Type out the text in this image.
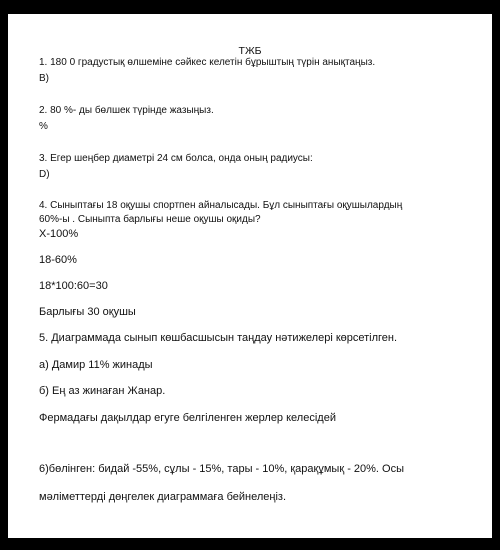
ТЖБ
1. 180 0 градустық өлшеміне сәйкес келетін бұрыштың түрін анықтаңыз.
B)
2. 80 %- ды бөлшек түрінде жазыңыз.
%
3. Егер шеңбер диаметрі 24 см болса, онда оның радиусы:
D)
4. Сыныптағы 18 оқушы спортпен айналысады. Бұл сыныптағы оқушылардың
60%-ы . Сыныпта барлығы неше оқушы оқиды?
X-100%
18-60%
18*100:60=30
Барлығы 30 оқушы
5. Диаграммада сынып көшбасшысын таңдау нәтижелері көрсетілген.
а) Дамир 11% жинады
б) Ең аз жинаған Жанар.
Фермадағы дақылдар егуге белгіленген жерлер келесідей
6)бөлінген: бидай -55%, сұлы - 15%, тары - 10%, қарақұмық - 20%. Осы
мәліметтерді дөңгелек диаграммаға бейнелеңіз.
